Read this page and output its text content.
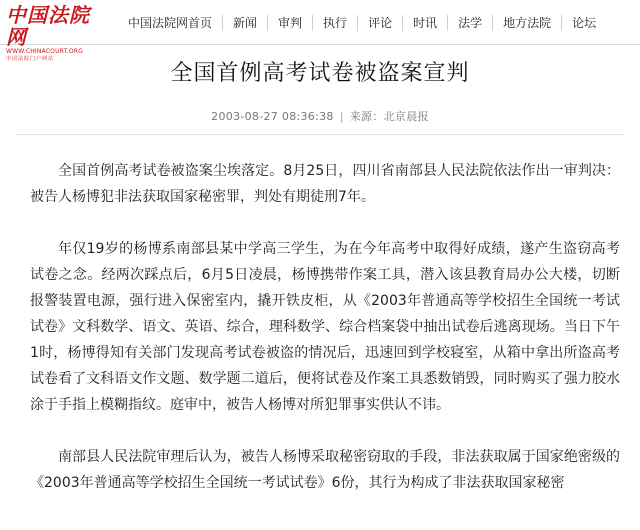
中国法院网
WWW.CHINACOURT.ORG
中国法院门户网站
中国法院网首页	新闻	审判	执行	评论	时讯	法学	地方法院	论坛
全国首例高考试卷被盗案宣判
2003-08-27 08:36:38 | 来源：北京晨报

全国首例高考试卷被盗案尘埃落定。8月25日，四川省南部县人民法院依法作出一审判决：被告人杨博犯非法获取国家秘密罪，判处有期徒刑7年。

年仅19岁的杨博系南部县某中学高三学生，为在今年高考中取得好成绩，遂产生盗窃高考试卷之念。经两次踩点后，6月5日凌晨，杨博携带作案工具，潜入该县教育局办公大楼，切断报警装置电源，强行进入保密室内，撬开铁皮柜，从《2003年普通高等学校招生全国统一考试试卷》文科数学、语文、英语、综合，理科数学、综合档案袋中抽出试卷后逃离现场。当日下午1时，杨博得知有关部门发现高考试卷被盗的情况后，迅速回到学校寝室，从箱中拿出所盗高考试卷看了文科语文作文题、数学题二道后，便将试卷及作案工具悉数销毁，同时购买了强力胶水涂于手指上模糊指纹。庭审中，被告人杨博对所犯罪事实供认不讳。

南部县人民法院审理后认为，被告人杨博采取秘密窃取的手段，非法获取属于国家绝密级的《2003年普通高等学校招生全国统一考试试卷》6份，其行为构成了非法获取国家秘密
